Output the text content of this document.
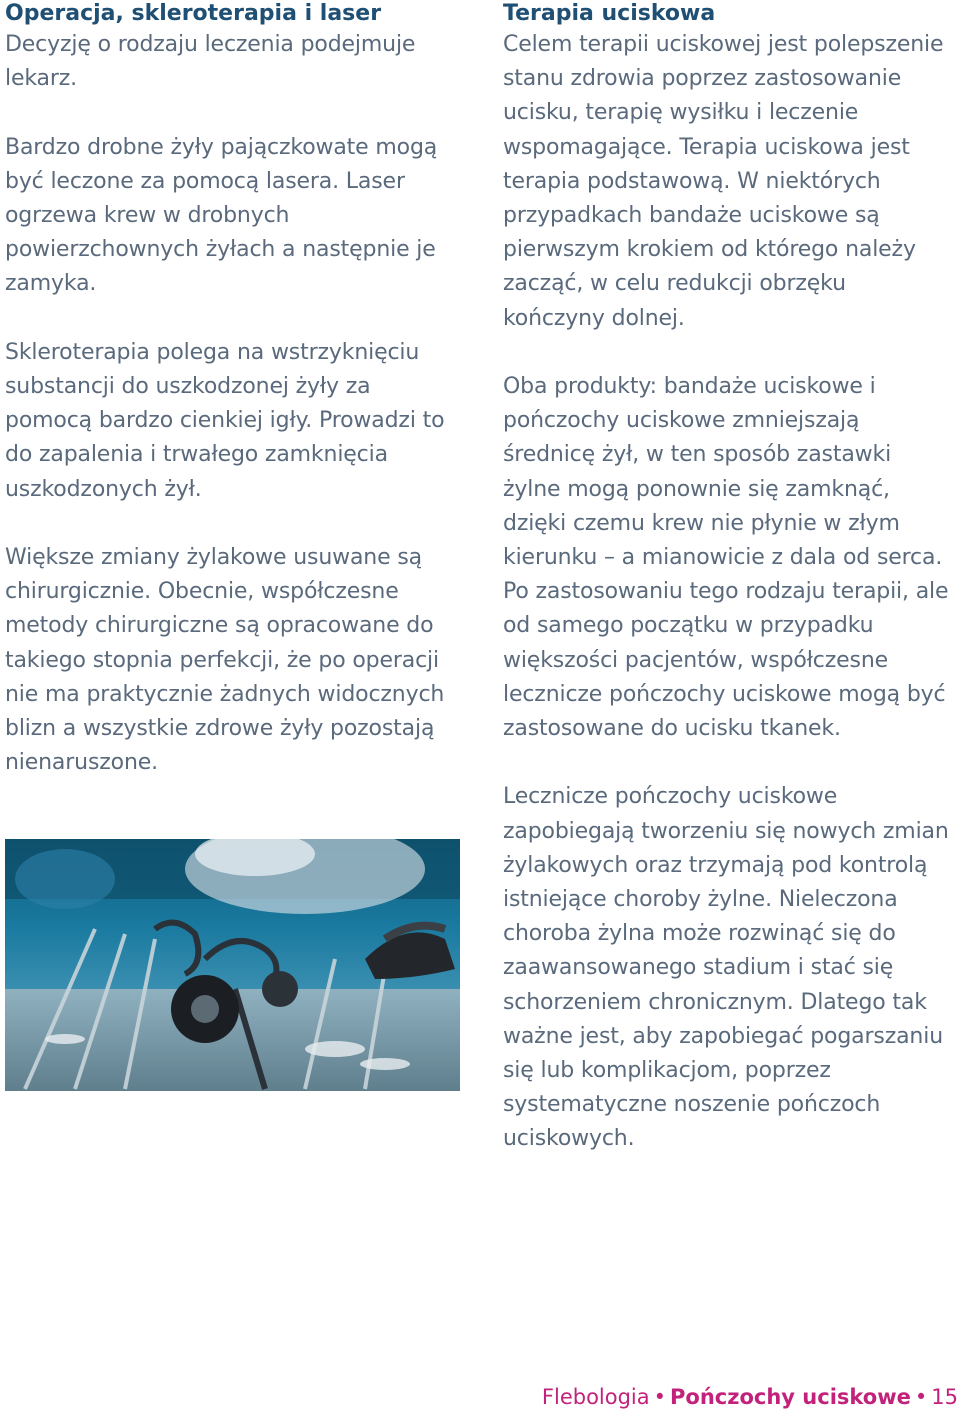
Operacja, skleroterapia i laser

Decyzję o rodzaju leczenia podejmuje lekarz.

Bardzo drobne żyły pajączkowate mogą być leczone za pomocą lasera. Laser ogrzewa krew w drobnych powierzchownych żyłach a następnie je zamyka.

Skleroterapia polega na wstrzyknięciu substancji do uszkodzonej żyły za pomocą bardzo cienkiej igły. Prowadzi to do zapalenia i trwałego zamknięcia uszkodzonych żył.

Większe zmiany żylakowe usuwane są chirurgicznie. Obecnie, współczesne metody chirurgiczne są opracowane do takiego stopnia perfekcji, że po operacji nie ma praktycznie żadnych widocznych blizn a wszystkie zdrowe żyły pozostają nienaruszone.

Terapia uciskowa

Celem terapii uciskowej jest polepszenie stanu zdrowia poprzez zastosowanie ucisku, terapię wysiłku i leczenie wspomagające. Terapia uciskowa jest terapia podstawową. W niektórych przypadkach bandaże uciskowe są pierwszym krokiem od którego należy zacząć, w celu redukcji obrzęku kończyny dolnej.

Oba produkty: bandaże uciskowe i pończochy uciskowe zmniejszają średnicę żył, w ten sposób zastawki żylne mogą ponownie się zamknąć, dzięki czemu krew nie płynie w złym kierunku – a mianowicie z dala od serca. Po zastosowaniu tego rodzaju terapii, ale od samego początku w przypadku większości pacjentów, współczesne lecznicze pończochy uciskowe mogą być zastosowane do ucisku tkanek.

Lecznicze pończochy uciskowe zapobiegają tworzeniu się nowych zmian żylakowych oraz trzymają pod kontrolą istniejące choroby żylne. Nieleczona choroba żylna może rozwinąć się do zaawansowanego stadium i stać się schorzeniem chronicznym. Dlatego tak ważne jest, aby zapobiegać pogarszaniu się lub komplikacjom, poprzez systematyczne noszenie pończoch uciskowych.

Flebologia • Pończochy uciskowe • 15
